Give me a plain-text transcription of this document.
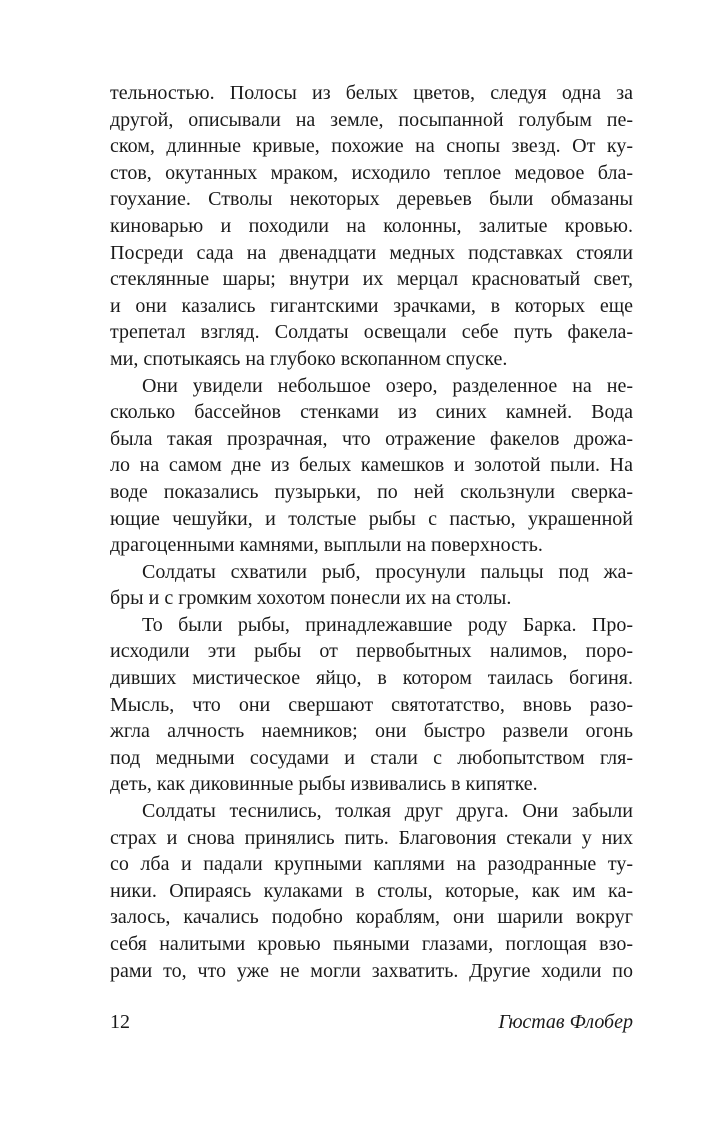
тельностью. Полосы из белых цветов, следуя одна за
другой, описывали на земле, посыпанной голубым пе-
ском, длинные кривые, похожие на снопы звезд. От ку-
стов, окутанных мраком, исходило теплое медовое бла-
гоухание. Стволы некоторых деревьев были обмазаны
киноварью и походили на колонны, залитые кровью.
Посреди сада на двенадцати медных подставках стояли
стеклянные шары; внутри их мерцал красноватый свет,
и они казались гигантскими зрачками, в которых еще
трепетал взгляд. Солдаты освещали себе путь факела-
ми, спотыкаясь на глубоко вскопанном спуске.
Они увидели небольшое озеро, разделенное на не-
сколько бассейнов стенками из синих камней. Вода
была такая прозрачная, что отражение факелов дрожа-
ло на самом дне из белых камешков и золотой пыли. На
воде показались пузырьки, по ней скользнули сверка-
ющие чешуйки, и толстые рыбы с пастью, украшенной
драгоценными камнями, выплыли на поверхность.
Солдаты схватили рыб, просунули пальцы под жа-
бры и с громким хохотом понесли их на столы.
То были рыбы, принадлежавшие роду Барка. Про-
исходили эти рыбы от первобытных налимов, поро-
дивших мистическое яйцо, в котором таилась богиня.
Мысль, что они свершают святотатство, вновь разо-
жгла алчность наемников; они быстро развели огонь
под медными сосудами и стали с любопытством гля-
деть, как диковинные рыбы извивались в кипятке.
Солдаты теснились, толкая друг друга. Они забыли
страх и снова принялись пить. Благовония стекали у них
со лба и падали крупными каплями на разодранные ту-
ники. Опираясь кулаками в столы, которые, как им ка-
залось, качались подобно кораблям, они шарили вокруг
себя налитыми кровью пьяными глазами, поглощая взо-
рами то, что уже не могли захватить. Другие ходили по
12	Гюстав Флобер
